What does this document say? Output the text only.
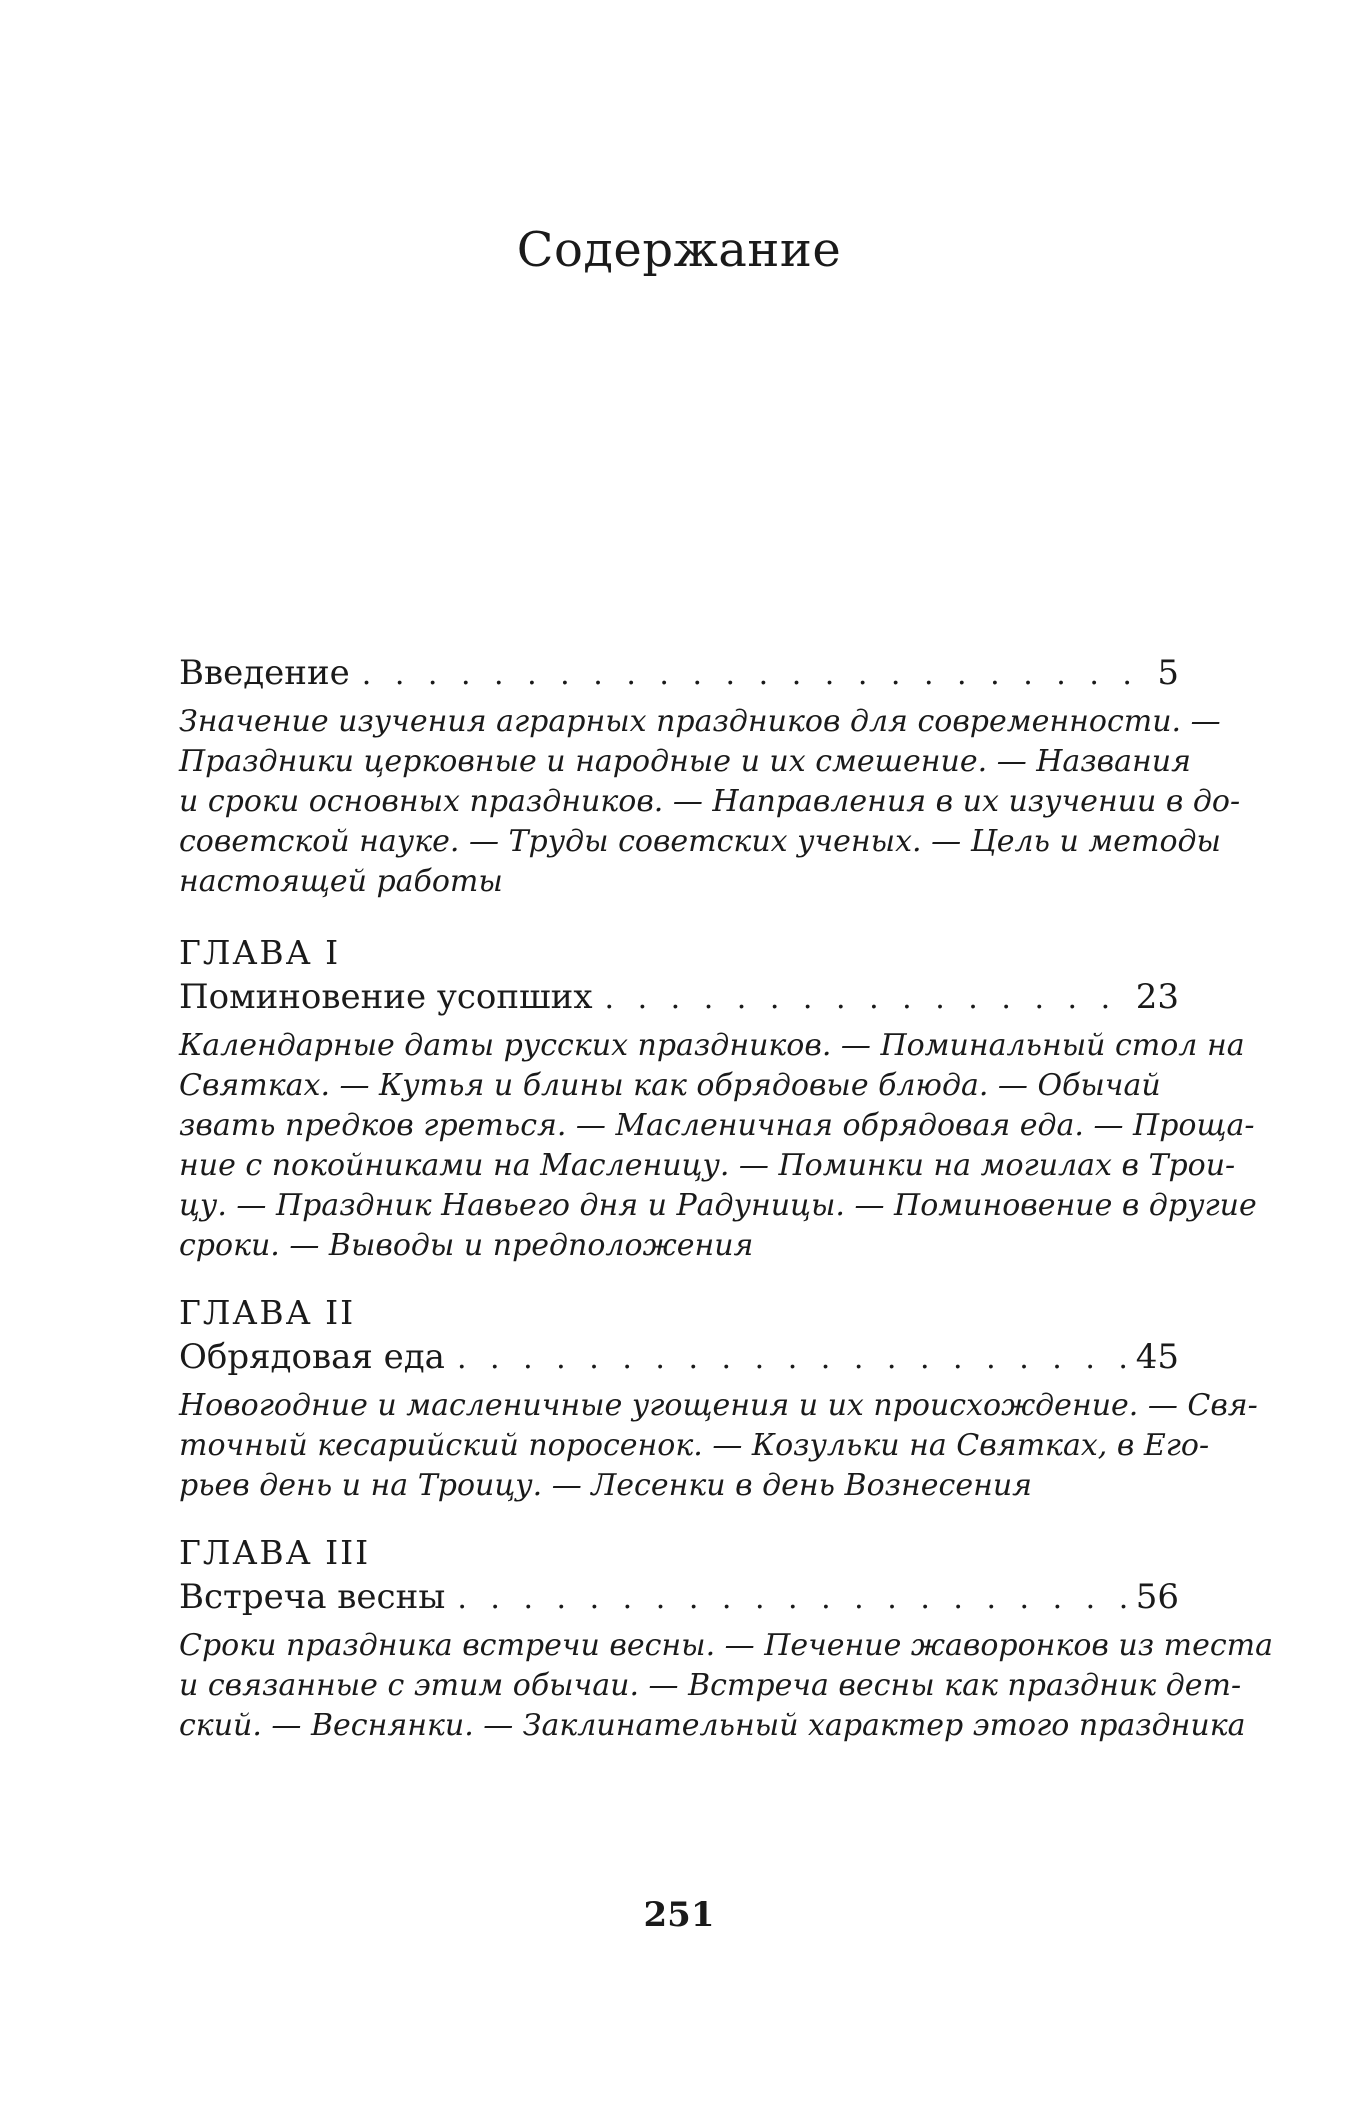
Содержание
Введение . . .	5
Значение изучения аграрных праздников для современности. —
Праздники церковные и народные и их смешение. — Названия
и сроки основных праздников. — Направления в их изучении в до-
советской науке. — Труды советских ученых. — Цель и методы
настоящей работы
ГЛАВА I
Поминовение усопших . . .	23
Календарные даты русских праздников. — Поминальный стол на
Святках. — Кутья и блины как обрядовые блюда. — Обычай
звать предков греться. — Масленичная обрядовая еда. — Проща-
ние с покойниками на Масленицу. — Поминки на могилах в Трои-
цу. — Праздник Навьего дня и Радуницы. — Поминовение в другие
сроки. — Выводы и предположения
ГЛАВА II
Обрядовая еда . . .	45
Новогодние и масленичные угощения и их происхождение. — Свя-
точный кесарийский поросенок. — Козульки на Святках, в Его-
рьев день и на Троицу. — Лесенки в день Вознесения
ГЛАВА III
Встреча весны . . .	56
Сроки праздника встречи весны. — Печение жаворонков из теста
и связанные с этим обычаи. — Встреча весны как праздник дет-
ский. — Веснянки. — Заклинательный характер этого праздника
251
